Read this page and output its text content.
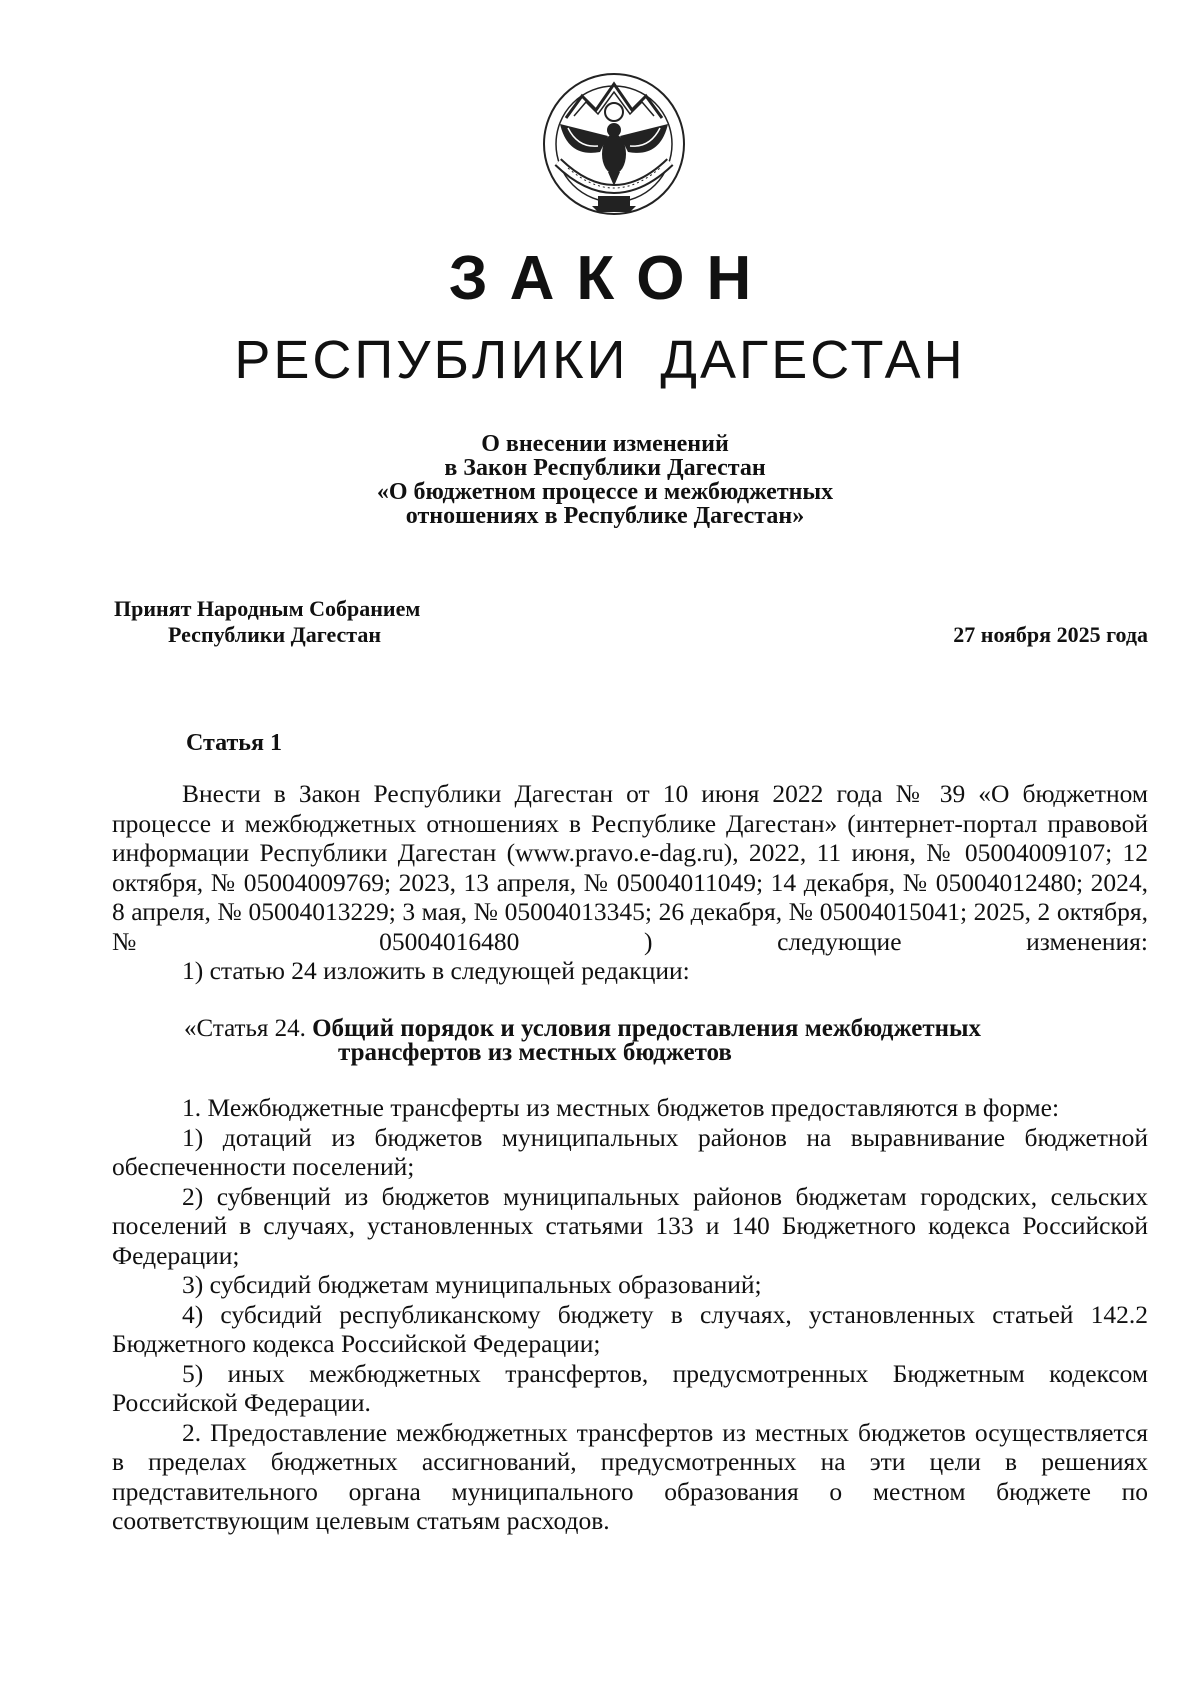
ЗАКОН
РЕСПУБЛИКИ ДАГЕСТАН
О внесении изменений
в Закон Республики Дагестан
«О бюджетном процессе и межбюджетных
отношениях в Республике Дагестан»
Принят Народным Собранием
Республики Дагестан	27 ноября 2025 года
Статья 1

Внести в Закон Республики Дагестан от 10 июня 2022 года № 39 «О бюджетном процессе и межбюджетных отношениях в Республике Дагестан» (интернет-портал правовой информации Республики Дагестан (www.pravo.e-dag.ru), 2022, 11 июня, № 05004009107; 12 октября, № 05004009769; 2023, 13 апреля, № 05004011049; 14 декабря, № 05004012480; 2024, 8 апреля, № 05004013229; 3 мая, № 05004013345; 26 декабря, № 05004015041; 2025, 2 октября, № 05004016480 ) следующие изменения:

1) статью 24 изложить в следующей редакции:

«Статья 24. Общий порядок и условия предоставления межбюджетных
трансфертов из местных бюджетов

1. Межбюджетные трансферты из местных бюджетов предоставляются в форме:

1) дотаций из бюджетов муниципальных районов на выравнивание бюджетной обеспеченности поселений;

2) субвенций из бюджетов муниципальных районов бюджетам городских, сельских поселений в случаях, установленных статьями 133 и 140 Бюджетного кодекса Российской Федерации;

3) субсидий бюджетам муниципальных образований;

4) субсидий республиканскому бюджету в случаях, установленных статьей 142.2 Бюджетного кодекса Российской Федерации;

5) иных межбюджетных трансфертов, предусмотренных Бюджетным кодексом Российской Федерации.

2. Предоставление межбюджетных трансфертов из местных бюджетов осуществляется в пределах бюджетных ассигнований, предусмотренных на эти цели в решениях представительного органа муниципального образования о местном бюджете по соответствующим целевым статьям расходов.
